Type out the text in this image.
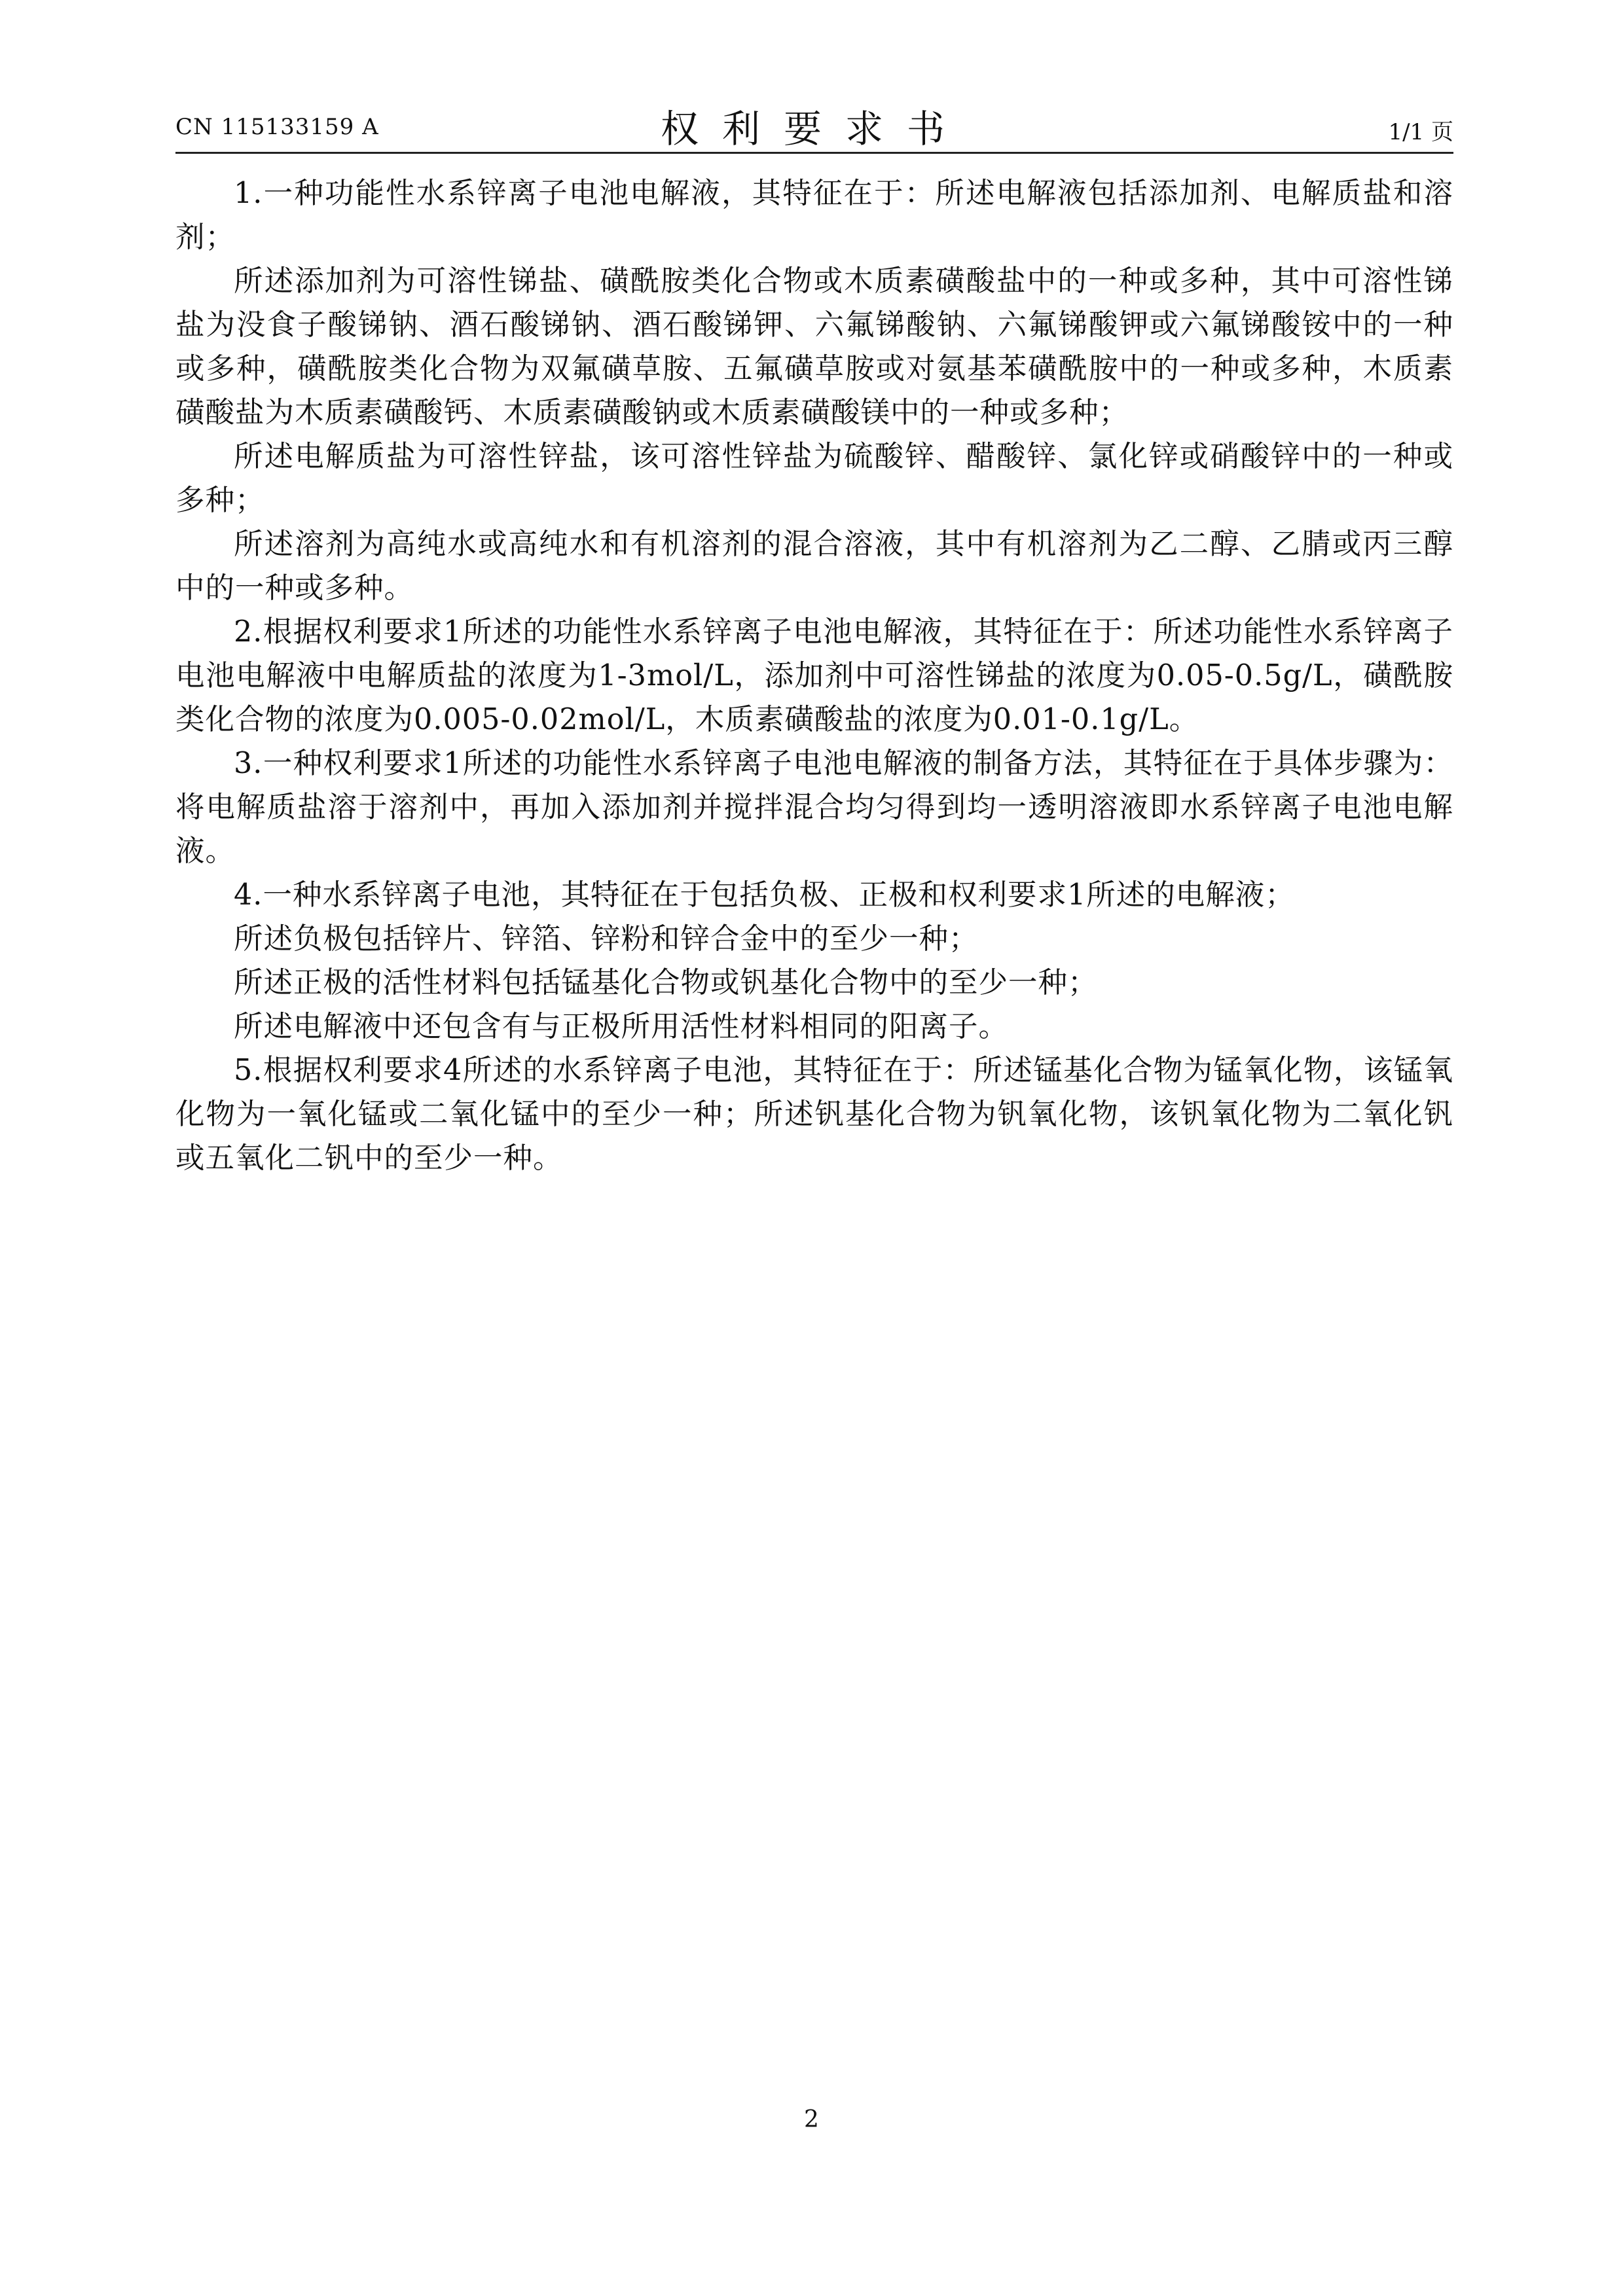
CN 115133159 A	权利要求书	1/1 页

1.一种功能性水系锌离子电池电解液，其特征在于：所述电解液包括添加剂、电解质盐和溶剂；

所述添加剂为可溶性锑盐、磺酰胺类化合物或木质素磺酸盐中的一种或多种，其中可溶性锑盐为没食子酸锑钠、酒石酸锑钠、酒石酸锑钾、六氟锑酸钠、六氟锑酸钾或六氟锑酸铵中的一种或多种，磺酰胺类化合物为双氟磺草胺、五氟磺草胺或对氨基苯磺酰胺中的一种或多种，木质素磺酸盐为木质素磺酸钙、木质素磺酸钠或木质素磺酸镁中的一种或多种；

所述电解质盐为可溶性锌盐，该可溶性锌盐为硫酸锌、醋酸锌、氯化锌或硝酸锌中的一种或多种；

所述溶剂为高纯水或高纯水和有机溶剂的混合溶液，其中有机溶剂为乙二醇、乙腈或丙三醇中的一种或多种。

2.根据权利要求1所述的功能性水系锌离子电池电解液，其特征在于：所述功能性水系锌离子电池电解液中电解质盐的浓度为1-3mol/L，添加剂中可溶性锑盐的浓度为0.05-0.5g/L，磺酰胺类化合物的浓度为0.005-0.02mol/L，木质素磺酸盐的浓度为0.01-0.1g/L。

3.一种权利要求1所述的功能性水系锌离子电池电解液的制备方法，其特征在于具体步骤为：将电解质盐溶于溶剂中，再加入添加剂并搅拌混合均匀得到均一透明溶液即水系锌离子电池电解液。

4.一种水系锌离子电池，其特征在于包括负极、正极和权利要求1所述的电解液；

所述负极包括锌片、锌箔、锌粉和锌合金中的至少一种；

所述正极的活性材料包括锰基化合物或钒基化合物中的至少一种；

所述电解液中还包含有与正极所用活性材料相同的阳离子。

5.根据权利要求4所述的水系锌离子电池，其特征在于：所述锰基化合物为锰氧化物，该锰氧化物为一氧化锰或二氧化锰中的至少一种；所述钒基化合物为钒氧化物，该钒氧化物为二氧化钒或五氧化二钒中的至少一种。

2
